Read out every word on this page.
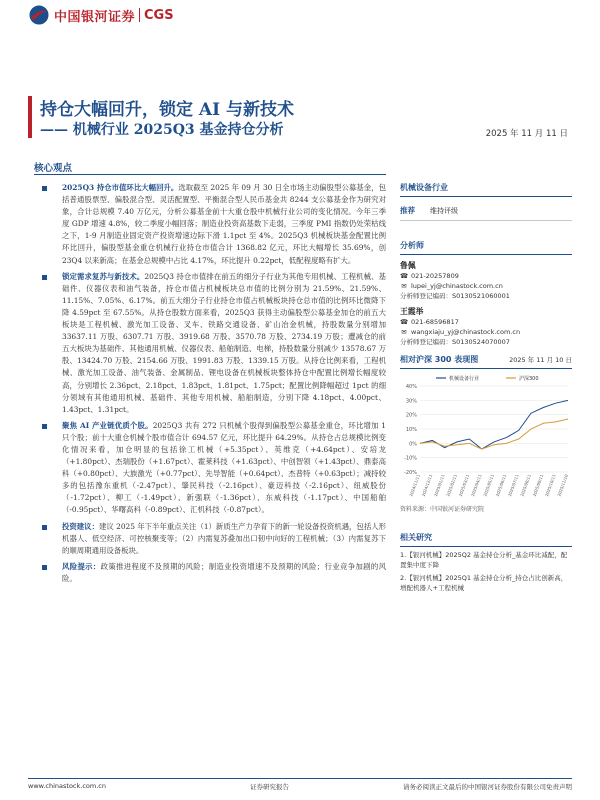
中国银河证券 CGS
持仓大幅回升，锁定 AI 与新技术
—— 机械行业 2025Q3 基金持仓分析	2025 年 11 月 11 日
核心观点
2025Q3 持仓市值环比大幅回升。选取截至 2025 年 09 月 30 日全市场主动偏股型公募基金，包括普通股票型、偏股混合型、灵活配置型、平衡混合型人民币基金共 8244 支公募基金作为研究对象，合计总规模 7.40 万亿元，分析公募基金前十大重仓股中机械行业公司的变化情况。今年三季度 GDP 增速 4.8%，较二季度小幅回落；制造业投资高基数下走弱，三季度 PMI 指数仍处荣枯线之下，1-9 月制造业固定资产投资增速边际下滑 1.1pct 至 4%。2025Q3 机械板块基金配置比例环比回升，偏股型基金重仓机械行业持仓市值合计 1368.82 亿元，环比大幅增长 35.69%，创 23Q4 以来新高；在基金总规模中占比 4.17%，环比提升 0.22pct，低配程度略有扩大。
锁定需求复苏与新技术。2025Q3 持仓市值排在前五的细分子行业为其他专用机械、工程机械、基础件、仪器仪表和油气装备，持仓市值占机械板块总市值的比例分别为 21.59%、21.59%、11.15%、7.05%、6.17%。前五大细分子行业持仓市值占机械板块持仓总市值的比例环比微降下降 4.59pct 至 67.55%。从持仓股数方面来看，2025Q3 获得主动偏股型公募基金加仓的前五大板块是工程机械、激光加工设备、叉车、铁路交通设备、矿山冶金机械，持股数量分别增加 33637.11 万股、6307.71 万股、3919.68 万股、3570.78 万股、2734.19 万股；遭减仓的前五大板块为基础件、其他通用机械、仪器仪表、船舶制造、电梯，持股数量分别减少 13578.67 万股、13424.70 万股、2154.66 万股、1991.83 万股、1339.15 万股。从持仓比例来看，工程机械、激光加工设备、油气装备、金属制品、锂电设备在机械板块整体持仓中配置比例增长幅度较高，分别增长 2.36pct、2.18pct、1.83pct、1.81pct、1.75pct；配置比例降幅超过 1pct 的细分领域有其他通用机械、基础件、其他专用机械、船舶制造，分别下降 4.18pct、4.00pct、1.43pct、1.31pct。
聚焦 AI 产业链优质个股。2025Q3 共有 272 只机械个股得到偏股型公募基金重仓，环比增加 1 只个股；前十大重仓机械个股市值合计 694.57 亿元，环比提升 64.29%。从持仓占总规模比例变化情况来看，加仓明显的包括徐工机械（+5.35pct）、英维克（+4.64pct）、安培龙（+1.80pct）、杰瑞股份（+1.67pct）、霍莱科技（+1.63pct）、中创智领（+1.43pct）、鼎泰高科（+0.80pct）、大族激光（+0.77pct）、先导智能（+0.64pct）、杰普特（+0.63pct）；减持较多的包括豫东重机（-2.47pct）、肇民科技（-2.16pct）、豪迈科技（-2.16pct）、纽威股份（-1.72pct）、柳工（-1.49pct）、新强联（-1.36pct）、东威科技（-1.17pct）、中国船舶（-0.95pct）、华曙高科（-0.89pct）、汇机科技（-0.87pct）。
投资建议：建议 2025 年下半年重点关注（1）新质生产力孕育下的新一轮设备投资机遇，包括人形机器人、低空经济、可控核聚变等；（2）内需复苏叠加出口韧中向好的工程机械；（3）内需复苏下的顺周期通用设备板块。
风险提示：政策推进程度不及预期的风险；制造业投资增速不及预期的风险；行业竞争加剧的风险。
机械设备行业
推荐	维持评级
分析师
鲁佩
☎ 021-20257809
✉ lupei_yj@chinastock.com.cn
分析师登记编码：S0130521060001
王霞举
☎ 021-68596817
✉ wangxiaju_yj@chinastock.com.cn
分析师登记编码：S0130524070007
相对沪深 300 表现图	2025 年 11 月 10 日
-20%
-10%
0%
10%
20%
30%
40%
2024/11/11 2024/12/11 2025/01/11 2025/02/11 2025/03/11 2025/04/11 2025/05/11 2025/06/11 2025/07/11 2025/08/11 2025/09/11 2025/10/11 2025/11/10
机械设备行业	沪深300
资料来源：中国银河证券研究院
相关研究
1.【银河机械】2025Q2 基金持仓分析_基金环比减配，配置集中度下降
2.【银河机械】2025Q1 基金持仓分析_持仓占比创新高，增配机器人+工程机械
www.chinastock.com.cn	证券研究报告	请务必阅读正文最后的中国银河证券股份有限公司免责声明
